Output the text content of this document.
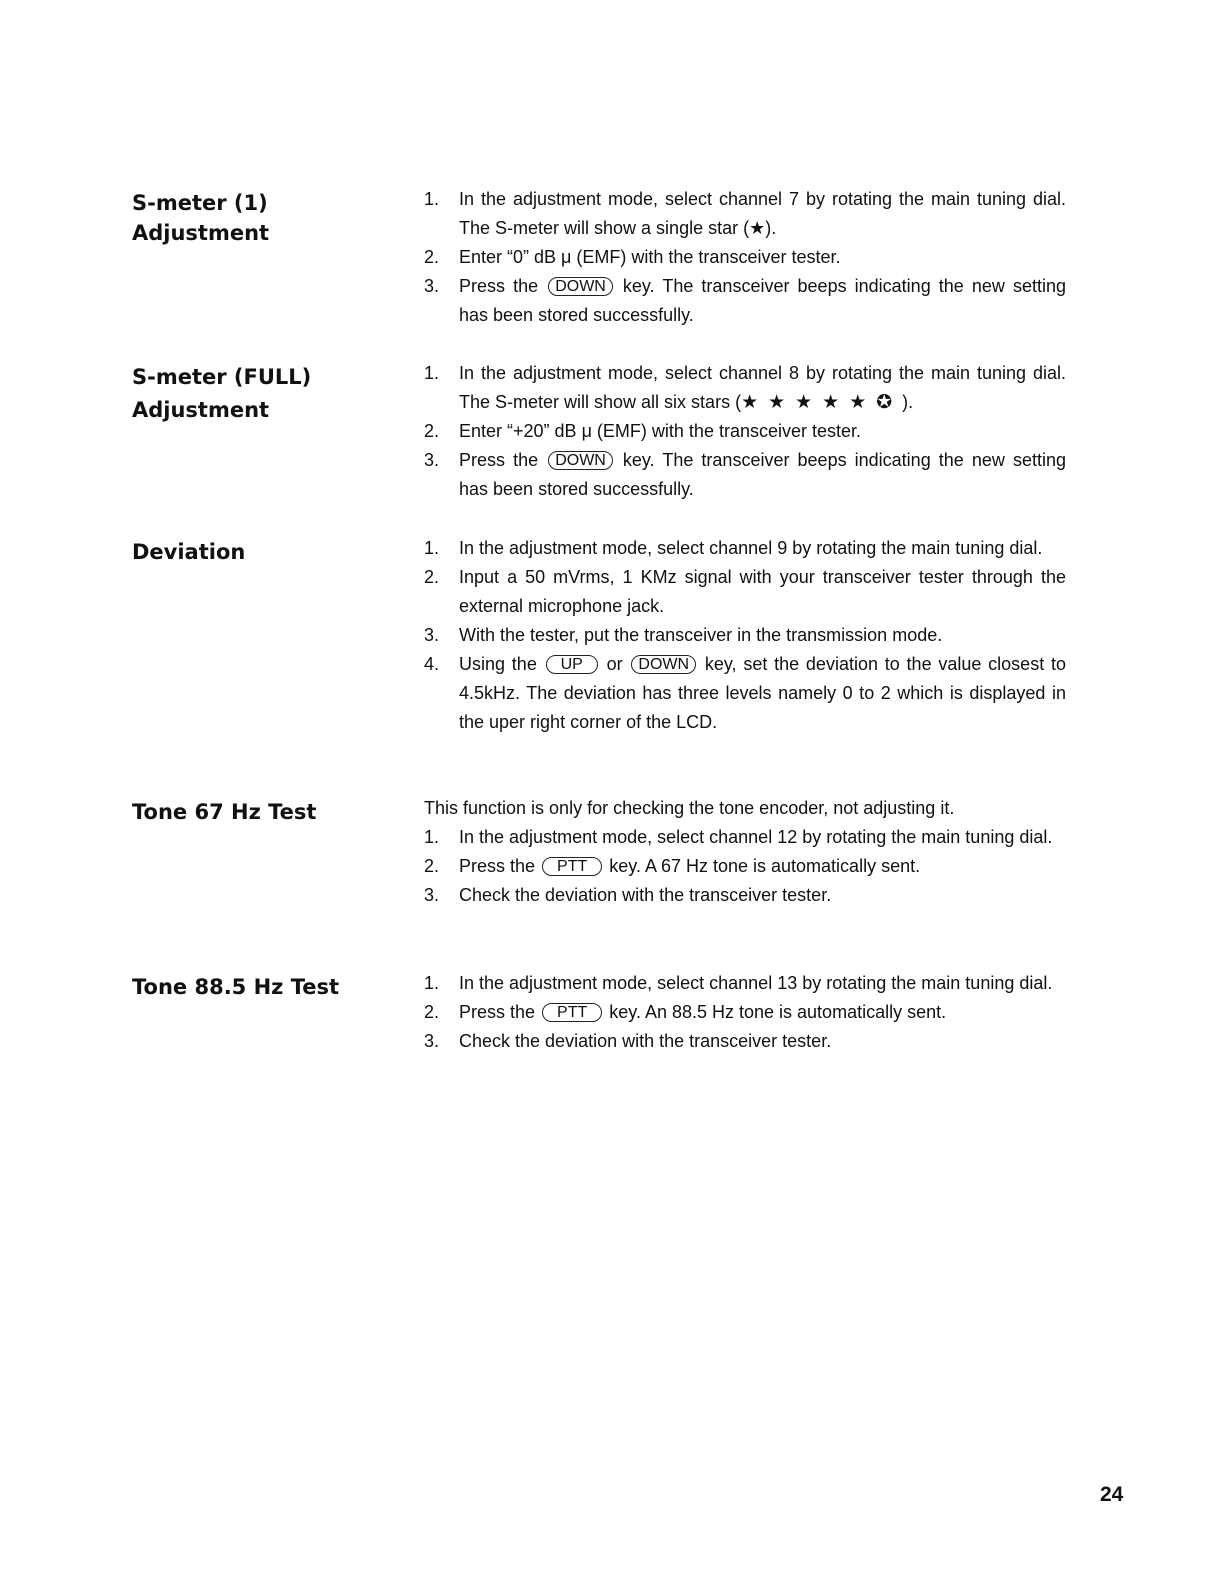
S-meter (1) Adjustment
1.	In the adjustment mode, select channel 7 by rotating the main tuning dial. The S-meter will show a single star (★).
2.	Enter “0” dB μ (EMF) with the transceiver tester.
3.	Press the DOWN key. The transceiver beeps indicating the new setting has been stored successfully.
S-meter (FULL)
Adjustment
1.	In the adjustment mode, select channel 8 by rotating the main tuning dial. The S-meter will show all six stars (★★★★★✪).
2.	Enter “+20” dB μ (EMF) with the transceiver tester.
3.	Press the DOWN key. The transceiver beeps indicating the new setting has been stored successfully.
Deviation	1.	In the adjustment mode, select channel 9 by rotating the main tuning dial.
2.	Input a 50 mVrms, 1 KMz signal with your transceiver tester through the external microphone jack.
3.	With the tester, put the transceiver in the transmission mode.
4.	Using the UP or DOWN key, set the deviation to the value closest to 4.5kHz. The deviation has three levels namely 0 to 2 which is displayed in the uper right corner of the LCD.
Tone 67 Hz Test	This function is only for checking the tone encoder, not adjusting it.
1.	In the adjustment mode, select channel 12 by rotating the main tuning dial.
2.	Press the PTT key. A 67 Hz tone is automatically sent.
3.	Check the deviation with the transceiver tester.
Tone 88.5 Hz Test	1.	In the adjustment mode, select channel 13 by rotating the main tuning dial.
2.	Press the PTT key. An 88.5 Hz tone is automatically sent.
3.	Check the deviation with the transceiver tester.
24
